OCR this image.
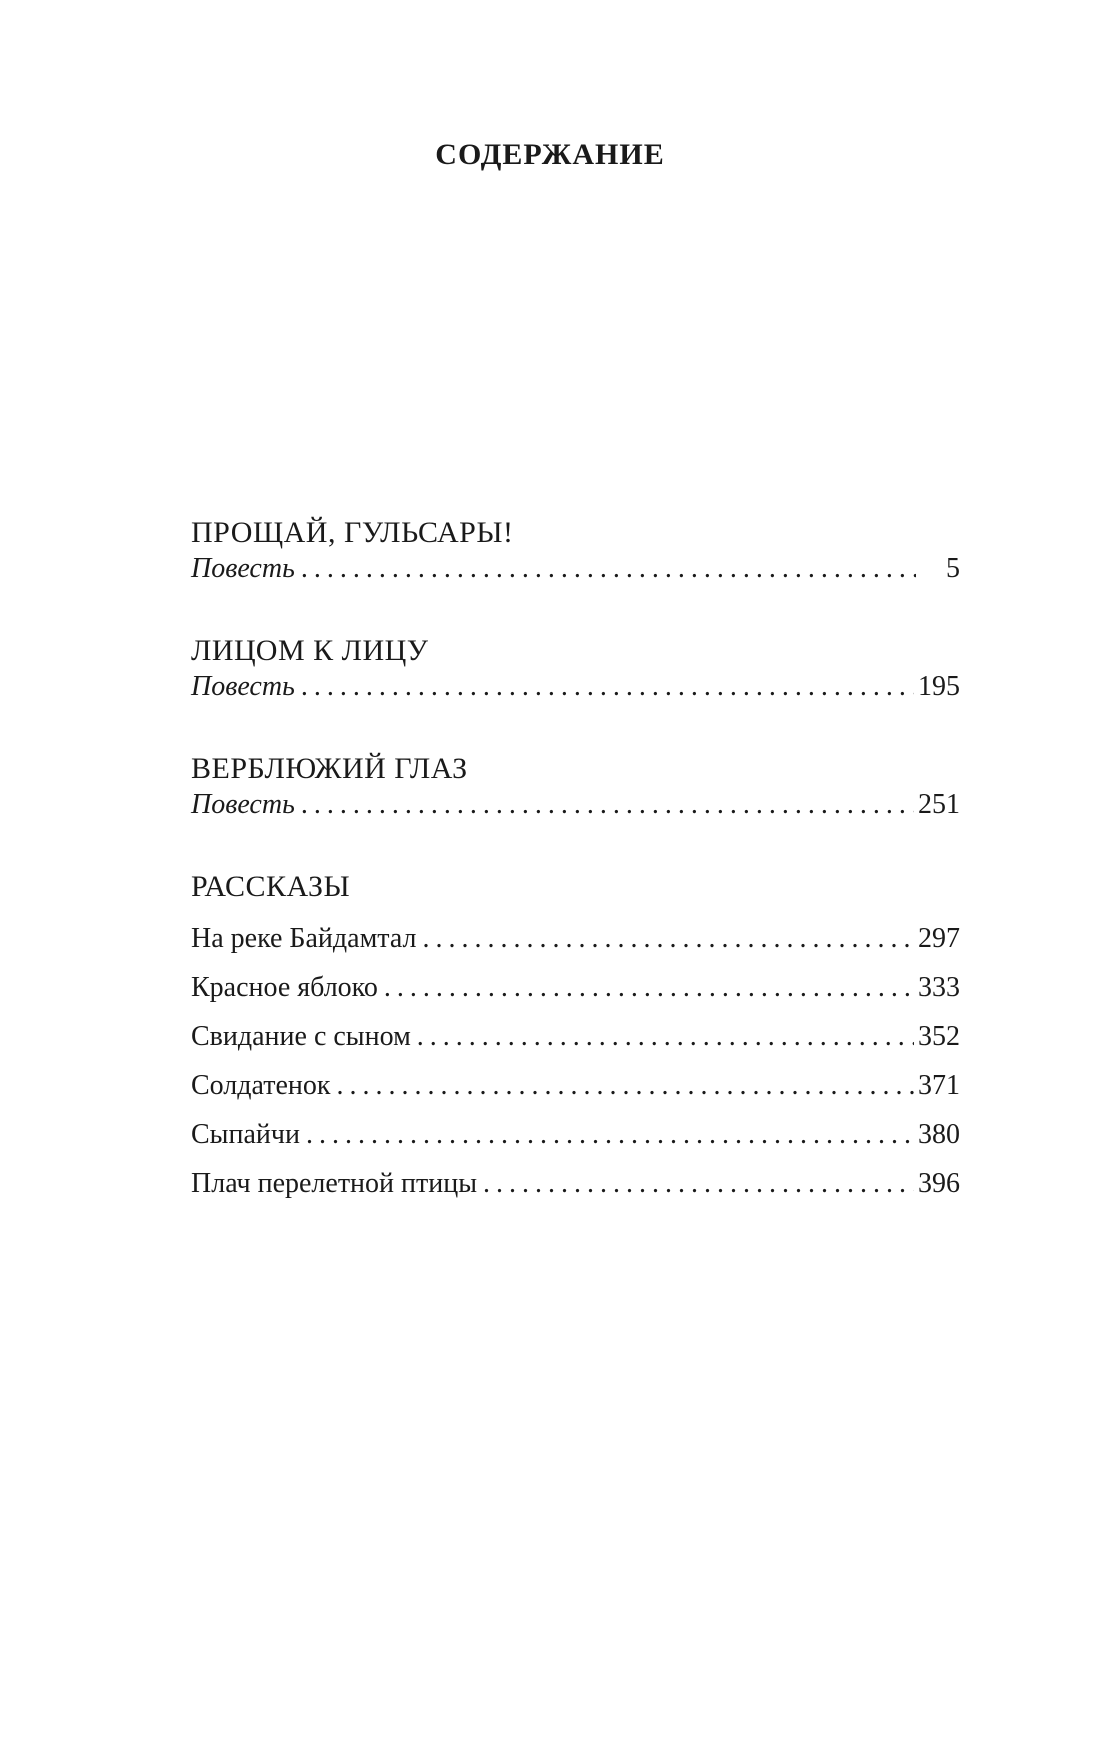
СОДЕРЖАНИЕ
ПРОЩАЙ, ГУЛЬСАРЫ!
Повесть . . .	5
ЛИЦОМ К ЛИЦУ
Повесть . . .	195
ВЕРБЛЮЖИЙ ГЛАЗ
Повесть . . .	251
РАССКАЗЫ
На реке Байдамтал . . .	297
Красное яблоко . . .	333
Свидание с сыном . . .	352
Солдатенок . . .	371
Сыпайчи . . .	380
Плач перелетной птицы . . .	396
